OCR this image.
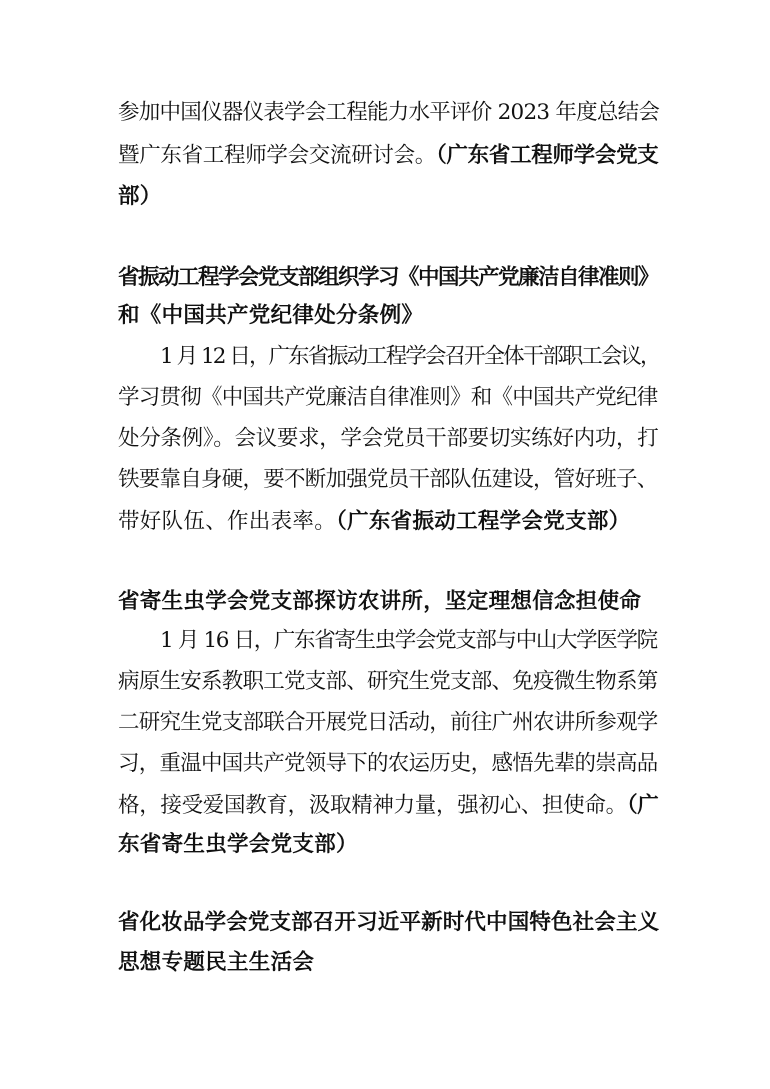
参加中国仪器仪表学会工程能力水平评价 2023 年度总结会
暨广东省工程师学会交流研讨会。（广东省工程师学会党支
部）
省振动工程学会党支部组织学习《中国共产党廉洁自律准则》
和《中国共产党纪律处分条例》
1 月 12 日，广东省振动工程学会召开全体干部职工会议，
学习贯彻《中国共产党廉洁自律准则》和《中国共产党纪律
处分条例》。会议要求，学会党员干部要切实练好内功，打
铁要靠自身硬，要不断加强党员干部队伍建设，管好班子、
带好队伍、作出表率。（广东省振动工程学会党支部）
省寄生虫学会党支部探访农讲所，坚定理想信念担使命
1 月 16 日，广东省寄生虫学会党支部与中山大学医学院
病原生安系教职工党支部、研究生党支部、免疫微生物系第
二研究生党支部联合开展党日活动，前往广州农讲所参观学
习，重温中国共产党领导下的农运历史，感悟先辈的崇高品
格，接受爱国教育，汲取精神力量，强初心、担使命。（广
东省寄生虫学会党支部）
省化妆品学会党支部召开习近平新时代中国特色社会主义
思想专题民主生活会
